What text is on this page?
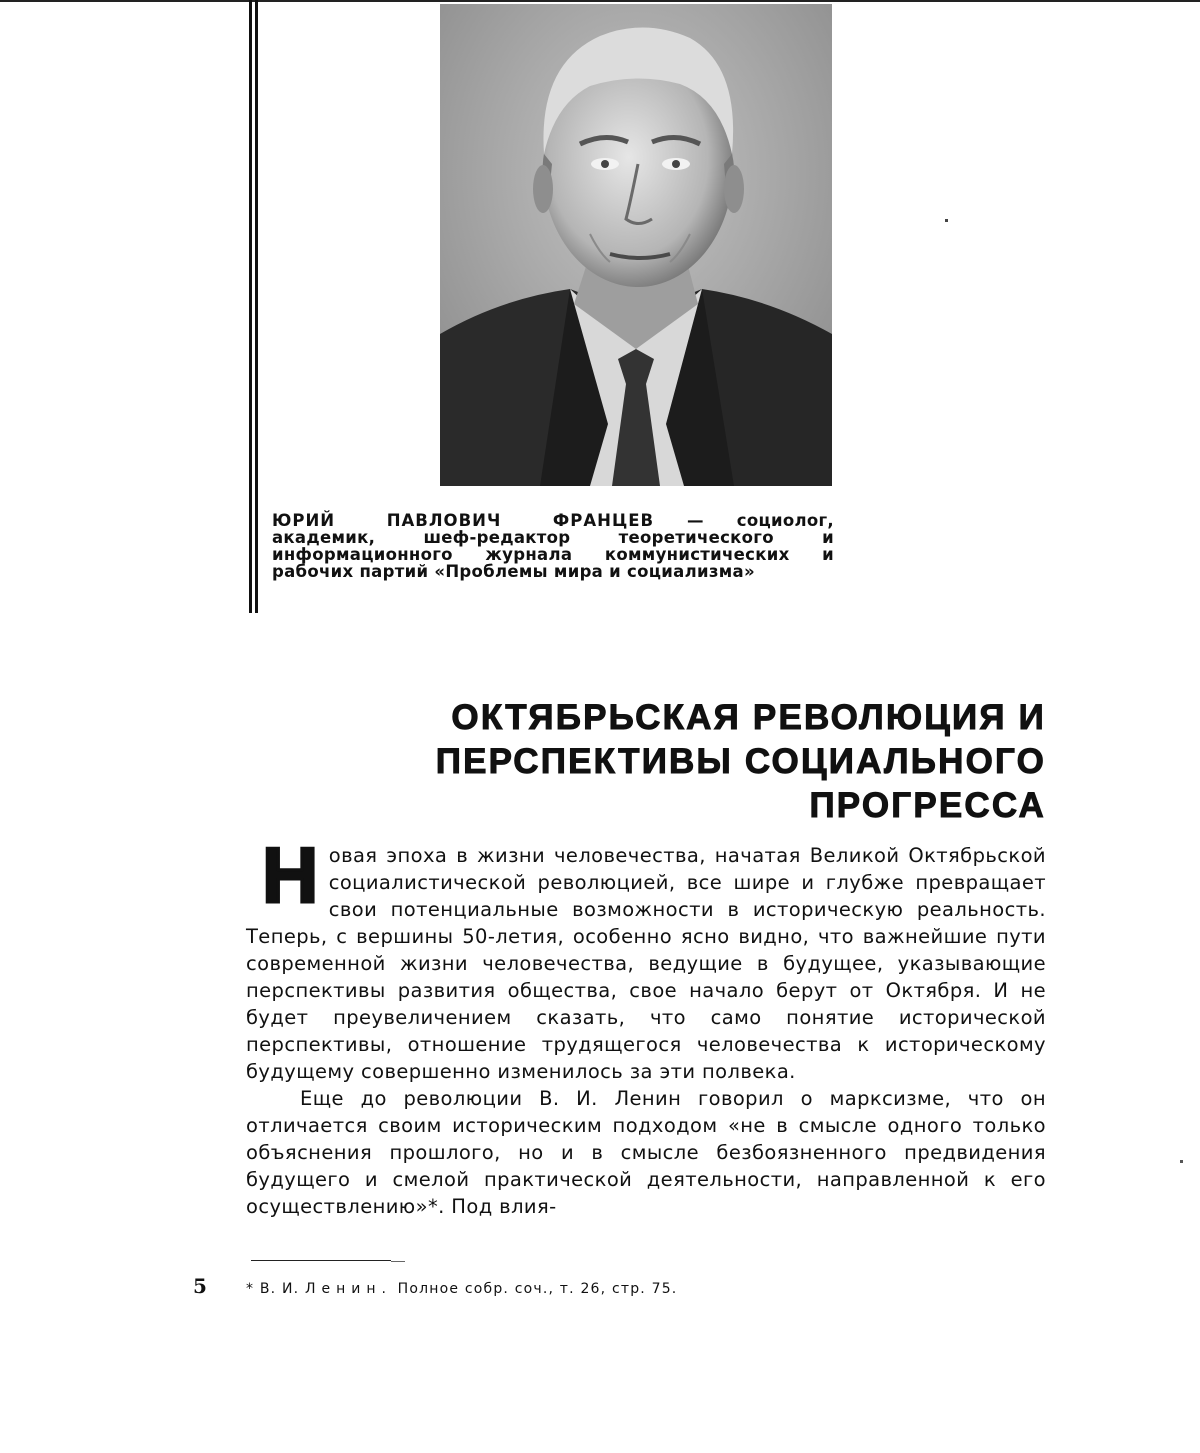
ЮРИЙ ПАВЛОВИЧ ФРАНЦЕВ — социолог, академик, шеф-редактор теоретического и информационного журнала коммунистических и рабочих партий «Проблемы мира и социализма»
ОКТЯБРЬСКАЯ РЕВОЛЮЦИЯ И
ПЕРСПЕКТИВЫ СОЦИАЛЬНОГО
ПРОГРЕССА

Н овая эпоха в жизни человечества, начатая Великой Октябрьской социалистической революцией, все шире и глубже превращает свои потенциальные возможности в историческую реальность. Теперь, с вершины 50-летия, особенно ясно видно, что важнейшие пути современной жизни человечества, ведущие в будущее, указывающие перспективы развития общества, свое начало берут от Октября. И не будет преувеличением сказать, что само понятие исторической перспективы, отношение трудящегося человечества к историческому будущему совершенно изменилось за эти полвека.

Еще до революции В. И. Ленин говорил о марксизме, что он отличается своим историческим подходом «не в смысле одного только объяснения прошлого, но и в смысле безбоязненного предвидения будущего и смелой практической деятельности, направленной к его осуществлению»*. Под влия-

5	* В. И. Ленин. Полное собр. соч., т. 26, стр. 75.
